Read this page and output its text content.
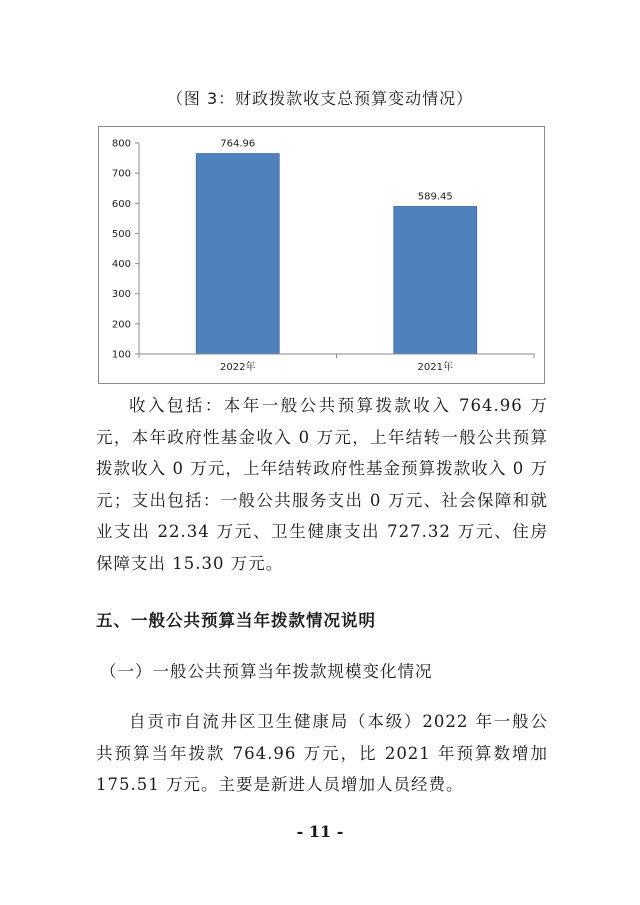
（图 3：财政拨款收支总预算变动情况）
100
200
300
400
500
600
700
800	764.96
589.45
2022年	2021年

收入包括：本年一般公共预算拨款收入 764.96 万元，本年政府性基金收入 0 万元，上年结转一般公共预算拨款收入 0 万元，上年结转政府性基金预算拨款收入 0 万元；支出包括：一般公共服务支出 0 万元、社会保障和就业支出 22.34 万元、卫生健康支出 727.32 万元、住房保障支出 15.30 万元。

五、一般公共预算当年拨款情况说明
（一）一般公共预算当年拨款规模变化情况

自贡市自流井区卫生健康局（本级）2022 年一般公共预算当年拨款 764.96 万元，比 2021 年预算数增加 175.51 万元。主要是新进人员增加人员经费。

- 11 -
